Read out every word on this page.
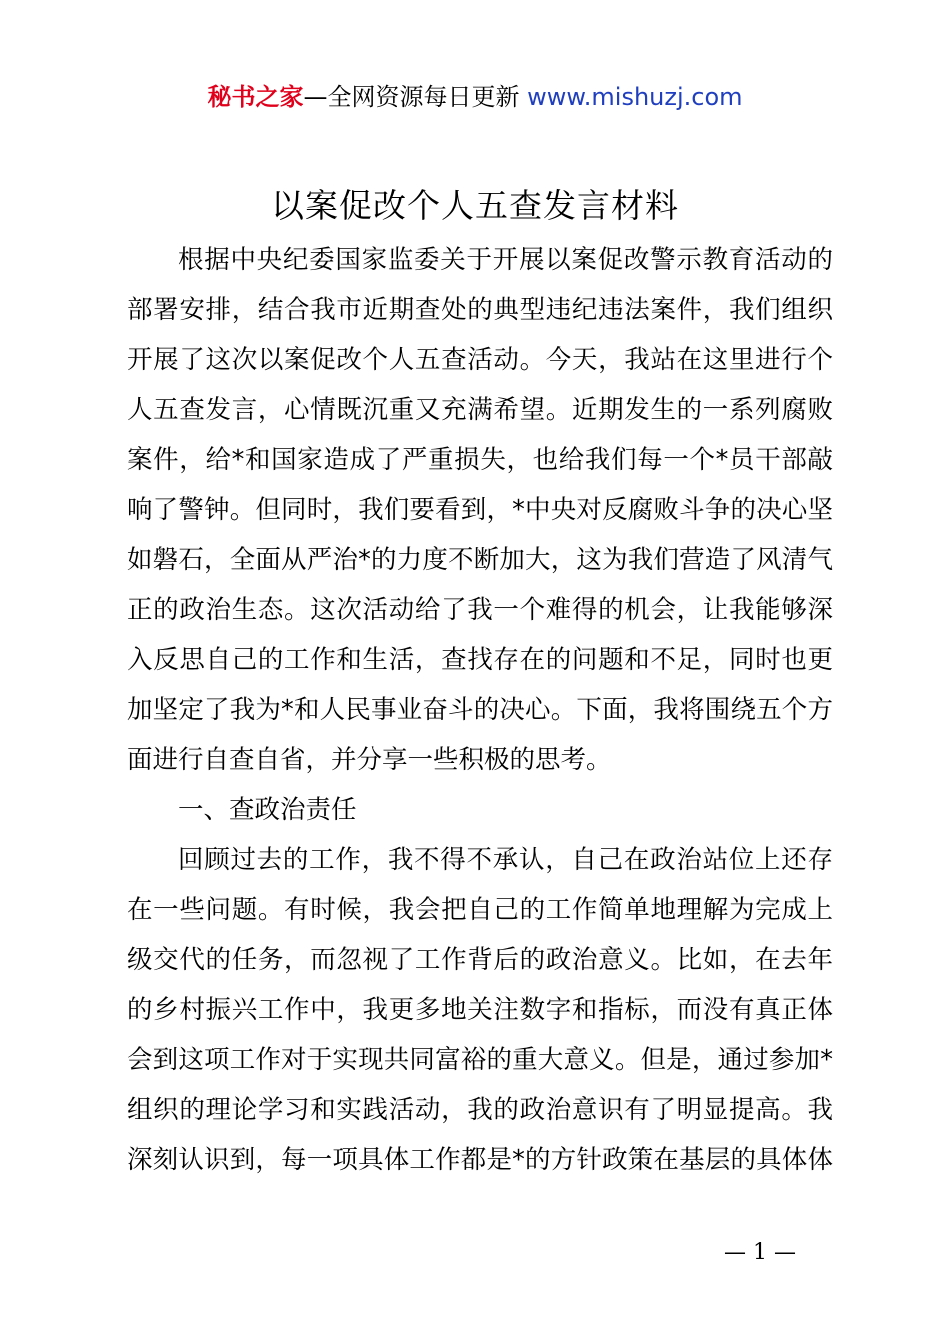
秘书之家—全网资源每日更新 www.mishuzj.com
以案促改个人五查发言材料
根据中央纪委国家监委关于开展以案促改警示教育活动的
部署安排，结合我市近期查处的典型违纪违法案件，我们组织
开展了这次以案促改个人五查活动。今天，我站在这里进行个
人五查发言，心情既沉重又充满希望。近期发生的一系列腐败
案件，给*和国家造成了严重损失，也给我们每一个*员干部敲
响了警钟。但同时，我们要看到，*中央对反腐败斗争的决心坚
如磐石，全面从严治*的力度不断加大，这为我们营造了风清气
正的政治生态。这次活动给了我一个难得的机会，让我能够深
入反思自己的工作和生活，查找存在的问题和不足，同时也更
加坚定了我为*和人民事业奋斗的决心。下面，我将围绕五个方
面进行自查自省，并分享一些积极的思考。
一、查政治责任
回顾过去的工作，我不得不承认，自己在政治站位上还存
在一些问题。有时候，我会把自己的工作简单地理解为完成上
级交代的任务，而忽视了工作背后的政治意义。比如，在去年
的乡村振兴工作中，我更多地关注数字和指标，而没有真正体
会到这项工作对于实现共同富裕的重大意义。但是，通过参加*
组织的理论学习和实践活动，我的政治意识有了明显提高。我
深刻认识到，每一项具体工作都是*的方针政策在基层的具体体
— 1 —
